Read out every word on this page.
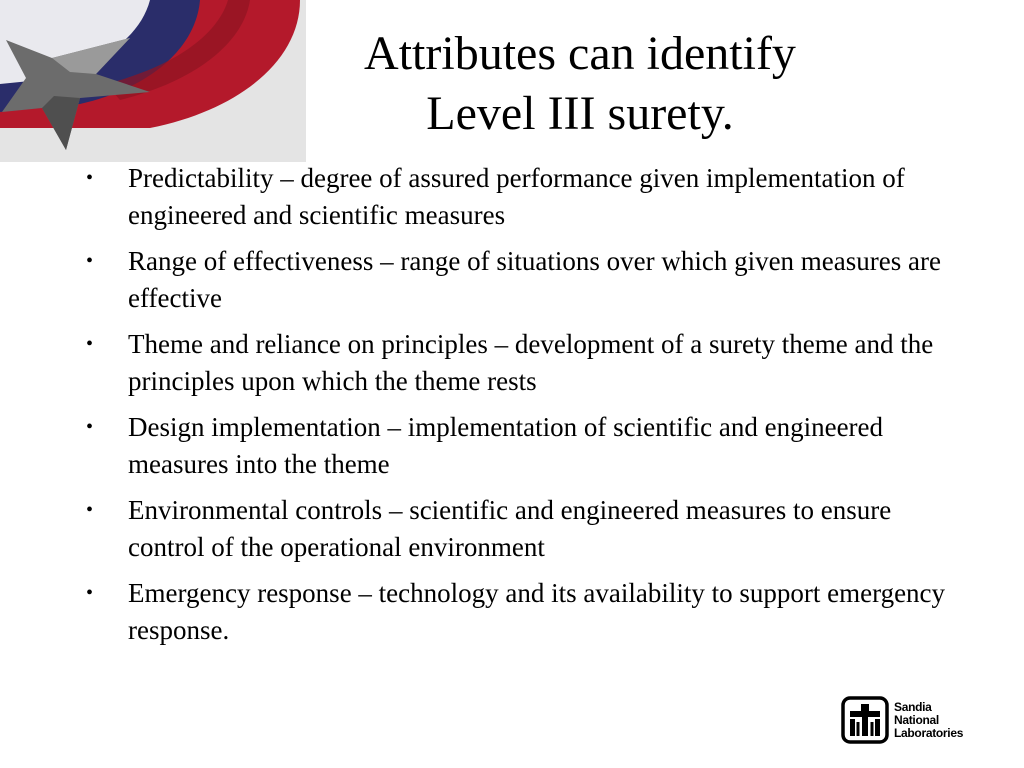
Attributes can identify
Level III surety.
•	Predictability – degree of assured performance given implementation of engineered and scientific measures
•	Range of effectiveness – range of situations over which given measures are effective
•	Theme and reliance on principles – development of a surety theme and the principles upon which the theme rests
•	Design implementation – implementation of scientific and engineered measures into the theme
•	Environmental controls – scientific and engineered measures to ensure control of the operational environment
•	Emergency response – technology and its availability to support emergency response.
Sandia
National
Laboratories
